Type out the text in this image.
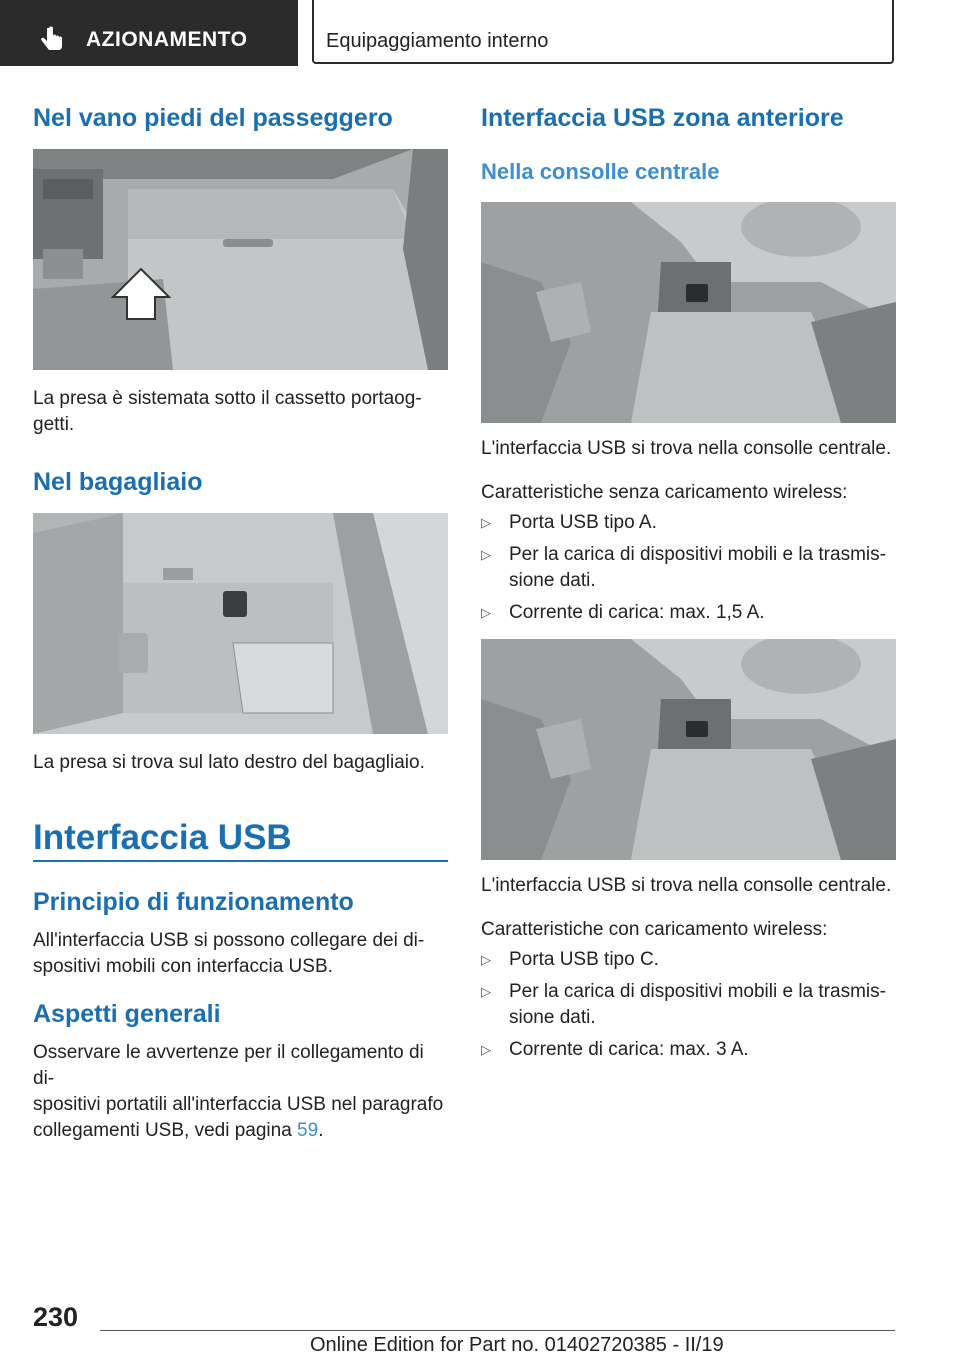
AZIONAMENTO	Equipaggiamento interno
Nel vano piedi del passeggero

La presa è sistemata sotto il cassetto portaog-
getti.

Nel bagagliaio

La presa si trova sul lato destro del bagagliaio.

Interfaccia USB
Principio di funzionamento

All'interfaccia USB si possono collegare dei di-
spositivi mobili con interfaccia USB.

Aspetti generali

Osservare le avvertenze per il collegamento di di-
spositivi portatili all'interfaccia USB nel paragrafo
collegamenti USB, vedi pagina 59.

Interfaccia USB zona anteriore
Nella consolle centrale

L'interfaccia USB si trova nella consolle centrale.

Caratteristiche senza caricamento wireless:

▷ Porta USB tipo A.
▷ Per la carica di dispositivi mobili e la trasmis-
sione dati.
▷ Corrente di carica: max. 1,5 A.

L'interfaccia USB si trova nella consolle centrale.

Caratteristiche con caricamento wireless:

▷ Porta USB tipo C.
▷ Per la carica di dispositivi mobili e la trasmis-
sione dati.
▷ Corrente di carica: max. 3 A.
230
Online Edition for Part no. 01402720385 - II/19
